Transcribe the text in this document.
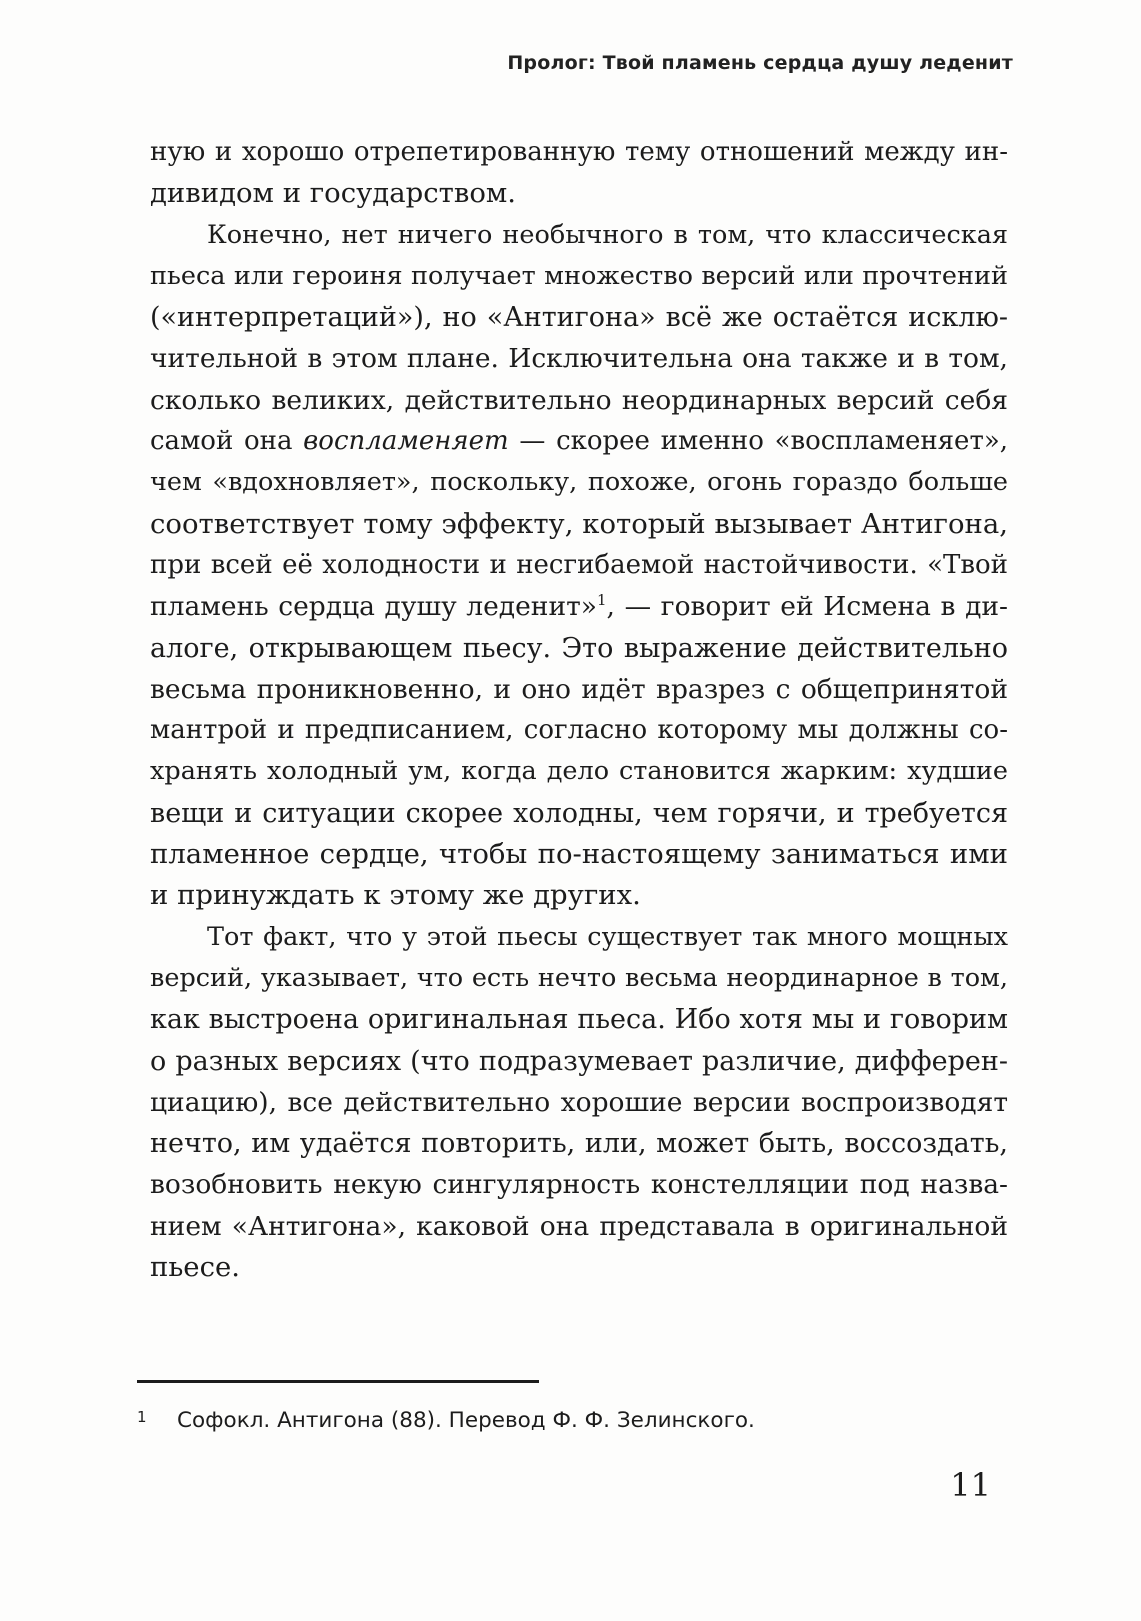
Пролог: Твой пламень сердца душу леденит
ную и хорошо отрепетированную тему отношений между ин-
дивидом и государством.
Конечно, нет ничего необычного в том, что классическая
пьеса или героиня получает множество версий или прочтений
(«интерпретаций»), но «Антигона» всё же остаётся исклю-
чительной в этом плане. Исключительна она также и в том,
сколько великих, действительно неординарных версий себя
самой она воспламеняет — скорее именно «воспламеняет»,
чем «вдохновляет», поскольку, похоже, огонь гораздо больше
соответствует тому эффекту, который вызывает Антигона,
при всей её холодности и несгибаемой настойчивости. «Твой
пламень сердца душу леденит»$^1$, — говорит ей Исмена в ди-
алоге, открывающем пьесу. Это выражение действительно
весьма проникновенно, и оно идёт вразрез с общепринятой
мантрой и предписанием, согласно которому мы должны со-
хранять холодный ум, когда дело становится жарким: худшие
вещи и ситуации скорее холодны, чем горячи, и требуется
пламенное сердце, чтобы по-настоящему заниматься ими
и принуждать к этому же других.
Тот факт, что у этой пьесы существует так много мощных
версий, указывает, что есть нечто весьма неординарное в том,
как выстроена оригинальная пьеса. Ибо хотя мы и говорим
о разных версиях (что подразумевает различие, дифферен-
циацию), все действительно хорошие версии воспроизводят
нечто, им удаётся повторить, или, может быть, воссоздать,
возобновить некую сингулярность констелляции под назва-
нием «Антигона», каковой она представала в оригинальной
пьесе.
1 Софокл. Антигона (88). Перевод Ф. Ф. Зелинского.
11
